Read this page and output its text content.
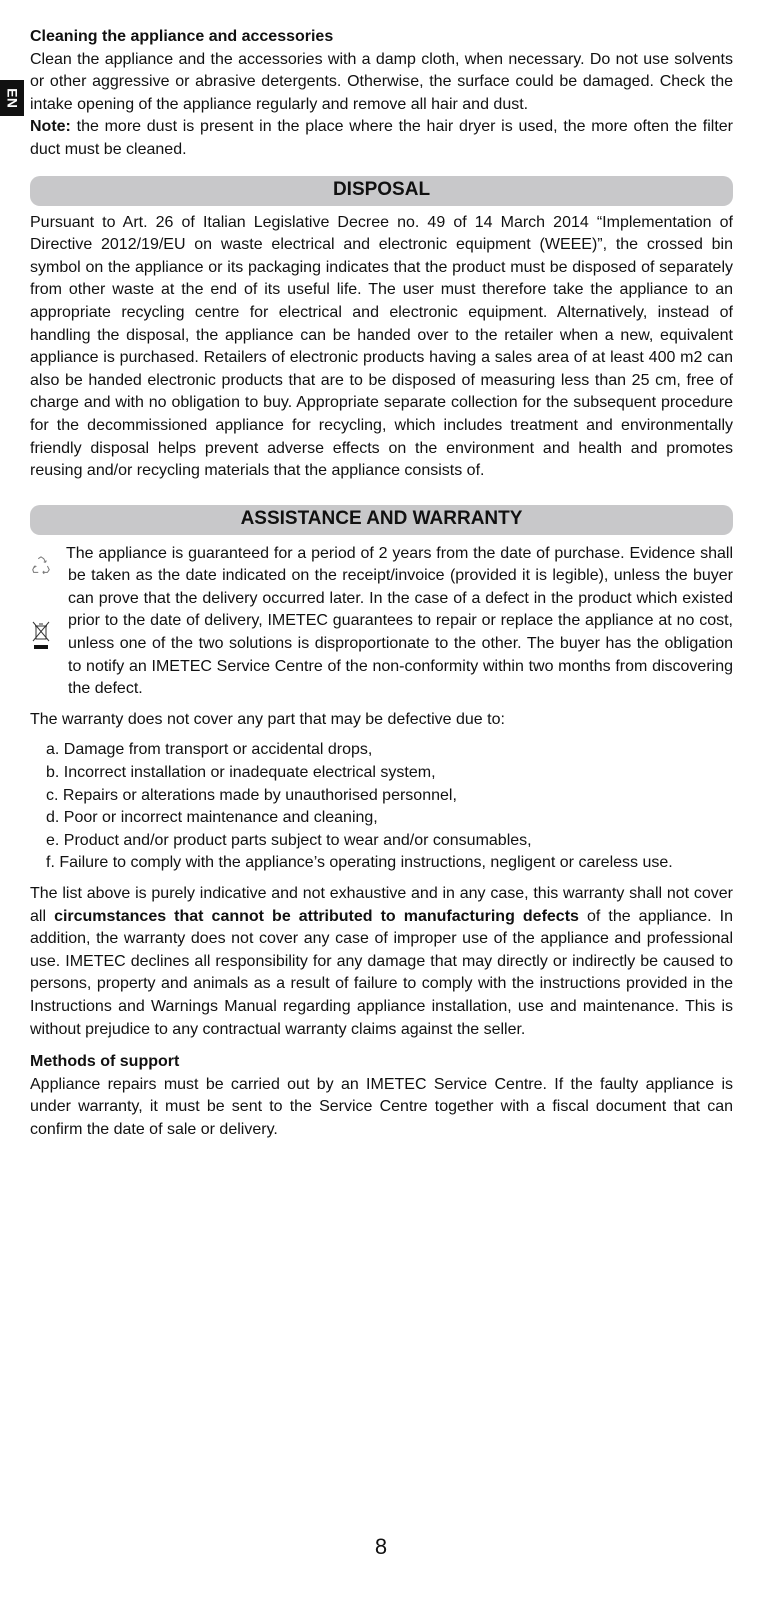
EN

Cleaning the appliance and accessories

Clean the appliance and the accessories with a damp cloth, when necessary. Do not use solvents or other aggressive or abrasive detergents. Otherwise, the surface could be damaged. Check the intake opening of the appliance regularly and remove all hair and dust.
Note: the more dust is present in the place where the hair dryer is used, the more often the filter duct must be cleaned.

DISPOSAL

Pursuant to Art. 26 of Italian Legislative Decree no. 49 of 14 March 2014 “Implementation of Directive 2012/19/EU on waste electrical and electronic equipment (WEEE)”, the crossed bin symbol on the appliance or its packaging indicates that the product must be disposed of separately from other waste at the end of its useful life. The user must therefore take the appliance to an appropriate recycling centre for electrical and electronic equipment. Alternatively, instead of handling the disposal, the appliance can be handed over to the retailer when a new, equivalent appliance is purchased. Retailers of electronic products having a sales area of at least 400 m2 can also be handed electronic products that are to be disposed of measuring less than 25 cm, free of charge and with no obligation to buy. Appropriate separate collection for the subsequent procedure for the decommissioned appliance for recycling, which includes treatment and environmentally friendly disposal helps prevent adverse effects on the environment and health and promotes reusing and/or recycling materials that the appliance consists of.

ASSISTANCE AND WARRANTY

The appliance is guaranteed for a period of 2 years from the date of purchase. Evidence shall be taken as the date indicated on the receipt/invoice (provided it is legible), unless the buyer can prove that the delivery occurred later. In the case of a defect in the product which existed prior to the date of delivery, IMETEC guarantees to repair or replace the appliance at no cost, unless one of the two solutions is disproportionate to the other. The buyer has the obligation to notify an IMETEC Service Centre of the non-conformity within two months from discovering the defect.

The warranty does not cover any part that may be defective due to:

a. Damage from transport or accidental drops,
b. Incorrect installation or inadequate electrical system,
c. Repairs or alterations made by unauthorised personnel,
d. Poor or incorrect maintenance and cleaning,
e. Product and/or product parts subject to wear and/or consumables,
f. Failure to comply with the appliance’s operating instructions, negligent or careless use.

The list above is purely indicative and not exhaustive and in any case, this warranty shall not cover all circumstances that cannot be attributed to manufacturing defects of the appliance. In addition, the warranty does not cover any case of improper use of the appliance and professional use. IMETEC declines all responsibility for any damage that may directly or indirectly be caused to persons, property and animals as a result of failure to comply with the instructions provided in the Instructions and Warnings Manual regarding appliance installation, use and maintenance. This is without prejudice to any contractual warranty claims against the seller.

Methods of support

Appliance repairs must be carried out by an IMETEC Service Centre. If the faulty appliance is under warranty, it must be sent to the Service Centre together with a fiscal document that can confirm the date of sale or delivery.

8
